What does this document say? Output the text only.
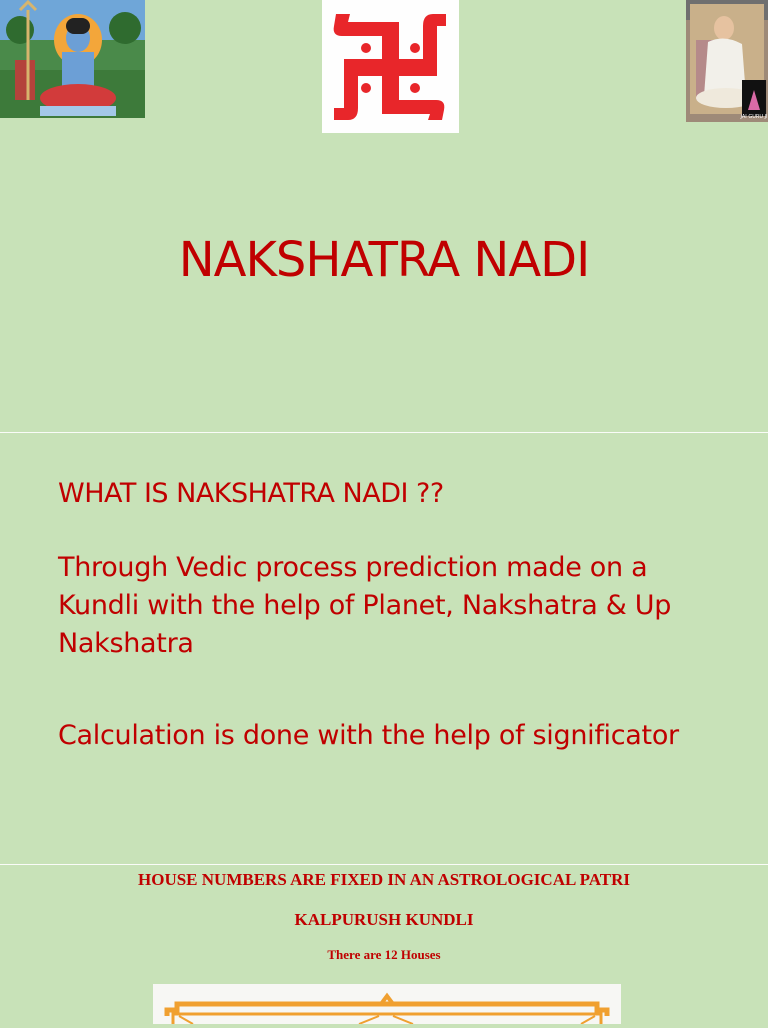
JAI GURU JI
NAKSHATRA NADI
WHAT IS NAKSHATRA NADI ??
Through Vedic process prediction made on a Kundli with the help of Planet, Nakshatra & Up Nakshatra
Calculation is done with the help of significator
HOUSE NUMBERS ARE FIXED IN AN ASTROLOGICAL PATRI
KALPURUSH KUNDLI
There are 12 Houses
